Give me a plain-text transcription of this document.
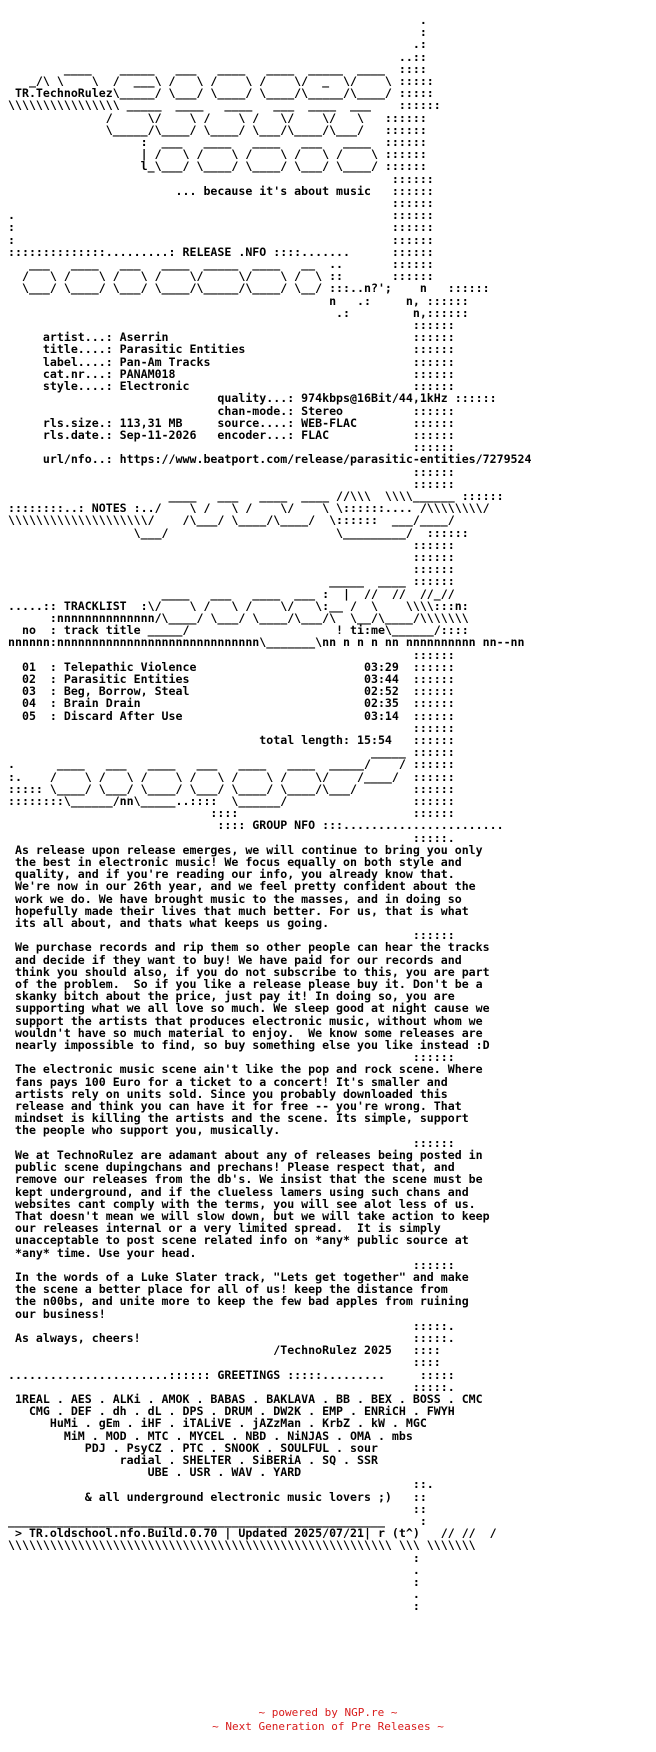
.
:
.:
..::
____    _____   ___   ____   ____  _____  ____  ::::
_/\ \    \  /  ___\ /   \ /    \ /    \/  _  \/    \ :::::
TR.TechnoRulez\_____/ \___/ \____/ \____/\_____/\____/ :::::
\\\\\\\\\\\\\\\\ _____  ____   ____   ___  ____  ___    ::::::
/     \/    \ /    \ /   \/    \/   \   ::::::
\_____/\____/ \____/ \___/\____/\___/   ::::::
:  ___   ____   ____   ___   ____  ::::::
| /   \ /    \ /    \ /   \ /    \ ::::::
l_\___/ \____/ \____/ \___/ \____/ ::::::
::::::
... because it's about music   ::::::
::::::
.                                                      ::::::
:                                                      ::::::
:                                                      ::::::
::::::::::::::.........: RELEASE .NFO ::::.......      ::::::
___   ____   ___   ____  _____  ____   __  ..       ::::::
/   \ /    \ /   \ /    \/     \/    \ /  \ ::       ::::::
\___/ \____/ \___/ \____/\_____/\____/ \__/ :::..n?';    n   ::::::
n   .:     n, ::::::
.:         n,::::::
::::::
artist...: Aserrin                                   ::::::
title....: Parasitic Entities                        ::::::
label....: Pan-Am Tracks                             ::::::
cat.nr...: PANAM018                                  ::::::
style....: Electronic                                ::::::
quality...: 974kbps@16Bit/44,1kHz ::::::
chan-mode.: Stereo          ::::::
rls.size.: 113,31 MB     source....: WEB-FLAC        ::::::
rls.date.: Sep-11-2026   encoder...: FLAC            ::::::
::::::
url/nfo..: https://www.beatport.com/release/parasitic-entities/7279524
::::::
::::::
____   ___   ____  ____ //\\\  \\\\______ ::::::
::::::::..: NOTES :../    \ /   \ /    \/    \ \::::::.... /\\\\\\\\/
\\\\\\\\\\\\\\\\\\\\/    /\___/ \____/\____/  \::::::  ___/____/
\___/                        \_________/  ::::::
::::::
::::::
::::::
_____  ____ ::::::
____   ___   ____  ___ :  |  //  //  //_//
.....:: TRACKLIST  :\/    \ /   \ /    \/   \:__ /  \    \\\\:::n:
:nnnnnnnnnnnnnn/\____/ \___/ \____/\___/\  \__/\____/\\\\\\\
no  : track title _____/                     ! ti:me\______/::::
nnnnnn:nnnnnnnnnnnnnnnnnnnnnnnnnnnnn\_______\nn n n n nn nnnnnnnnnn nn--nn
::::::
01  : Telepathic Violence                        03:29  ::::::
02  : Parasitic Entities                         03:44  ::::::
03  : Beg, Borrow, Steal                         02:52  ::::::
04  : Brain Drain                                02:35  ::::::
05  : Discard After Use                          03:14  ::::::
::::::
total length: 15:54   ::::::
_____ ::::::
.      ____   ___   ____   ___   ____   ____  _____/    / ::::::
:.    /    \ /   \ /    \ /   \ /    \ /    \/    /____/  ::::::
::::: \____/ \___/ \____/ \___/ \____/ \____/\___/        ::::::
::::::::\______/nn\_____..::::  \______/                  ::::::
::::                         ::::::
:::: GROUP NFO :::.......................
:::::.
As release upon release emerges, we will continue to bring you only
the best in electronic music! We focus equally on both style and
quality, and if you're reading our info, you already know that.
We're now in our 26th year, and we feel pretty confident about the
work we do. We have brought music to the masses, and in doing so
hopefully made their lives that much better. For us, that is what
its all about, and thats what keeps us going.
::::::
We purchase records and rip them so other people can hear the tracks
and decide if they want to buy! We have paid for our records and
think you should also, if you do not subscribe to this, you are part
of the problem.  So if you like a release please buy it. Don't be a
skanky bitch about the price, just pay it! In doing so, you are
supporting what we all love so much. We sleep good at night cause we
support the artists that produces electronic music, without whom we
wouldn't have so much material to enjoy.  We know some releases are
nearly impossible to find, so buy something else you like instead :D
::::::
The electronic music scene ain't like the pop and rock scene. Where
fans pays 100 Euro for a ticket to a concert! It's smaller and
artists rely on units sold. Since you probably downloaded this
release and think you can have it for free -- you're wrong. That
mindset is killing the artists and the scene. Its simple, support
the people who support you, musically.
::::::
We at TechnoRulez are adamant about any of releases being posted in
public scene dupingchans and prechans! Please respect that, and
remove our releases from the db's. We insist that the scene must be
kept underground, and if the clueless lamers using such chans and
websites cant comply with the terms, you will see alot less of us.
That doesn't mean we will slow down, but we will take action to keep
our releases internal or a very limited spread.  It is simply
unacceptable to post scene related info on *any* public source at
*any* time. Use your head.
::::::
In the words of a Luke Slater track, "Lets get together" and make
the scene a better place for all of us! keep the distance from
the n00bs, and unite more to keep the few bad apples from ruining
our business!
:::::.
As always, cheers!                                       :::::.
/TechnoRulez 2025   ::::
::::
.......................:::::: GREETINGS :::::.........     :::::
:::::.
1REAL . AES . ALKi . AMOK . BABAS . BAKLAVA . BB . BEX . BOSS . CMC
CMG . DEF . dh . dL . DPS . DRUM . DW2K . EMP . ENRiCH . FWYH
HuMi . gEm . iHF . iTALiVE . jAZzMan . KrbZ . kW . MGC
MiM . MOD . MTC . MYCEL . NBD . NiNJAS . OMA . mbs
PDJ . PsyCZ . PTC . SNOOK . SOULFUL . sour
radial . SHELTER . SiBERiA . SQ . SSR
UBE . USR . WAV . YARD
::.
& all underground electronic music lovers ;)   ::
::
______________________________________________________     :
> TR.oldschool.nfo.Build.0.70 | Updated 2025/07/21| r (t^)   // //  /
\\\\\\\\\\\\\\\\\\\\\\\\\\\\\\\\\\\\\\\\\\\\\\\\\\\\\\\ \\\ \\\\\\\
:
.
:
.
:

~ powered by NGP.re ~
~ Next Generation of Pre Releases ~
